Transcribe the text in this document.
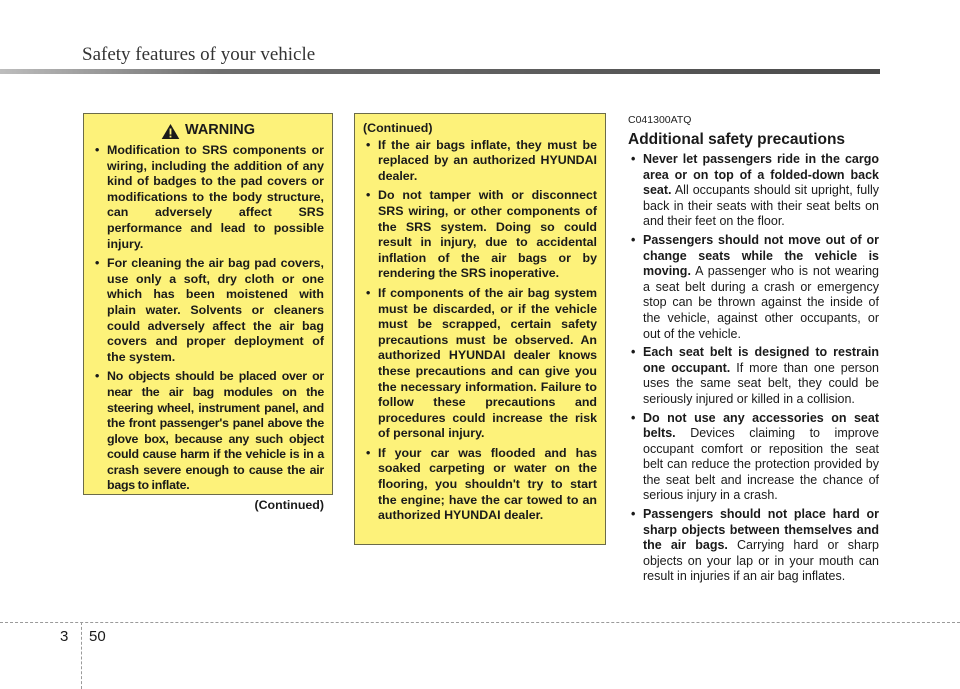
Safety features of your vehicle
WARNING
• Modification to SRS components or wiring, including the addition of any kind of badges to the pad covers or modifications to the body structure, can adversely affect SRS performance and lead to possible injury.
• For cleaning the air bag pad covers, use only a soft, dry cloth or one which has been moistened with plain water. Solvents or cleaners could adversely affect the air bag covers and proper deployment of the system.
• No objects should be placed over or near the air bag modules on the steering wheel, instrument panel, and the front passenger's panel above the glove box, because any such object could cause harm if the vehicle is in a crash severe enough to cause the air bags to inflate.
(Continued)
(Continued)
• If the air bags inflate, they must be replaced by an authorized HYUNDAI dealer.
• Do not tamper with or disconnect SRS wiring, or other components of the SRS system. Doing so could result in injury, due to accidental inflation of the air bags or by rendering the SRS inoperative.
• If components of the air bag system must be discarded, or if the vehicle must be scrapped, certain safety precautions must be observed. An authorized HYUNDAI dealer knows these precautions and can give you the necessary information. Failure to follow these precautions and procedures could increase the risk of personal injury.
• If your car was flooded and has soaked carpeting or water on the flooring, you shouldn't try to start the engine; have the car towed to an authorized HYUNDAI dealer.
C041300ATQ
Additional safety precautions
• Never let passengers ride in the cargo area or on top of a folded-down back seat. All occupants should sit upright, fully back in their seats with their seat belts on and their feet on the floor.
• Passengers should not move out of or change seats while the vehicle is moving. A passenger who is not wearing a seat belt during a crash or emergency stop can be thrown against the inside of the vehicle, against other occupants, or out of the vehicle.
• Each seat belt is designed to restrain one occupant. If more than one person uses the same seat belt, they could be seriously injured or killed in a collision.
• Do not use any accessories on seat belts. Devices claiming to improve occupant comfort or reposition the seat belt can reduce the protection provided by the seat belt and increase the chance of serious injury in a crash.
• Passengers should not place hard or sharp objects between themselves and the air bags. Carrying hard or sharp objects on your lap or in your mouth can result in injuries if an air bag inflates.
3 50
